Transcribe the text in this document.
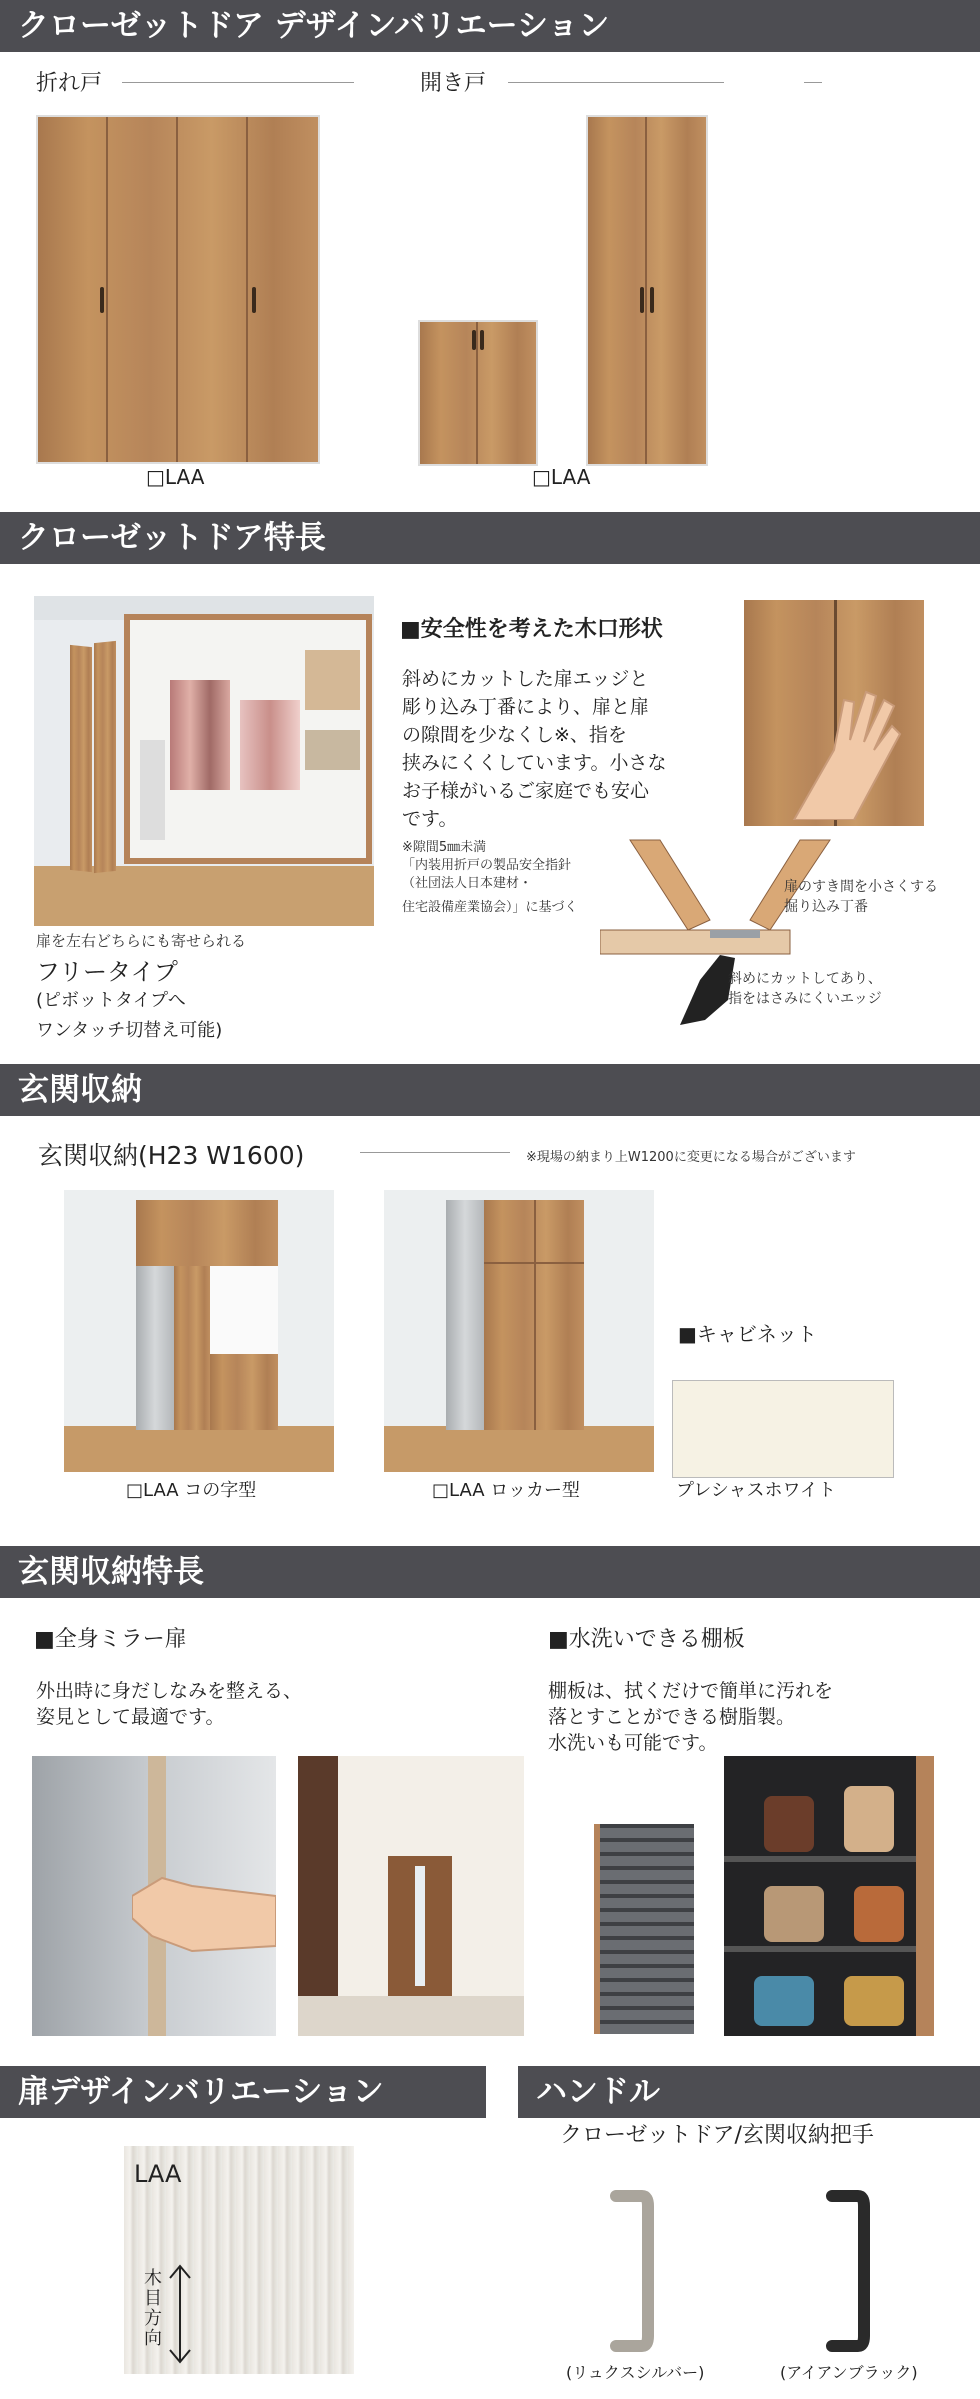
クローゼットドア デザインバリエーション
折れ戸	開き戸
□LAA	□LAA
クローゼットドア特長
扉を左右どちらにも寄せられる
フリータイプ
(ピボットタイプへ
ワンタッチ切替え可能)
■安全性を考えた木口形状
斜めにカットした扉エッジと
彫り込み丁番により、扉と扉
の隙間を少なくし※、指を
挟みにくくしています。小さな
お子様がいるご家庭でも安心
です。
※隙間5㎜未満
「内装用折戸の製品安全指針
（社団法人日本建材・
住宅設備産業協会）」に基づく
扉のすき間を小さくする
掘り込み丁番
斜めにカットしてあり、
指をはさみにくいエッジ
玄関収納
玄関収納(H23 W1600)	※現場の納まり上W1200に変更になる場合がございます
□LAA コの字型	□LAA ロッカー型
■キャビネット
プレシャスホワイト
玄関収納特長
■全身ミラー扉
外出時に身だしなみを整える、
姿見として最適です。
■水洗いできる棚板
棚板は、拭くだけで簡単に汚れを
落とすことができる樹脂製。
水洗いも可能です。
扉デザインバリエーション	ハンドル
LAA
木目方向
クローゼットドア/玄関収納把手
(リュクスシルバー)	(アイアンブラック)
